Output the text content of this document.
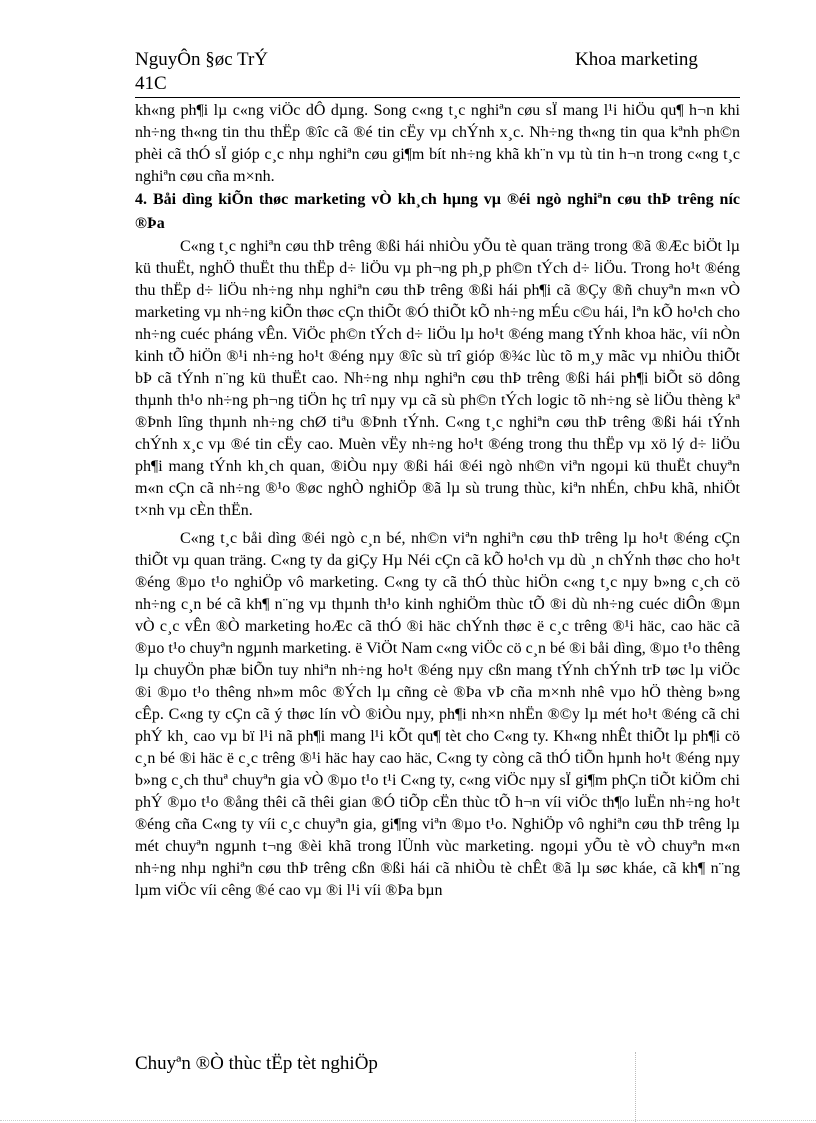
NguyÔn §øc TrÝ
41C
Khoa marketing

kh«ng ph¶i lµ c«ng viÖc dÔ dµng. Song c«ng t¸c nghiªn cøu sÏ mang l¹i hiÖu qu¶ h¬n khi nh÷ng th«ng tin thu thËp ®îc cã ®é tin cËy vµ chÝnh x¸c. Nh÷ng th«ng tin qua kªnh ph©n phèi cã thÓ sÏ gióp c¸c nhµ nghiªn cøu gi¶m bít nh÷ng khã kh¨n vµ tù tin h¬n trong c«ng t¸c nghiªn cøu cña m×nh.

4. Båi dìng kiÕn thøc marketing vÒ kh¸ch hµng vµ ®éi ngò nghiªn cøu thÞ trêng níc ®Þa

C«ng t¸c nghiªn cøu thÞ trêng ®ßi hái nhiÒu yÕu tè quan träng trong ®ã ®Æc biÖt lµ kü thuËt, nghÖ thuËt thu thËp d÷ liÖu vµ ph¬ng ph¸p ph©n tÝch d÷ liÖu. Trong ho¹t ®éng thu thËp d÷ liÖu nh÷ng nhµ nghiªn cøu thÞ trêng ®ßi hái ph¶i cã ®Çy ®ñ chuyªn m«n vÒ marketing vµ nh÷ng kiÕn thøc cÇn thiÕt ®Ó thiÕt kÕ nh÷ng mÉu c©u hái, lªn kÕ ho¹ch cho nh÷ng cuéc pháng vÊn. ViÖc ph©n tÝch d÷ liÖu lµ ho¹t ®éng mang tÝnh khoa häc, víi nÒn kinh tÕ hiÖn ®¹i nh÷ng ho¹t ®éng nµy ®îc sù trî gióp ®¾c lùc tõ m¸y mãc vµ nhiÒu thiÕt bÞ cã tÝnh n¨ng kü thuËt cao. Nh÷ng nhµ nghiªn cøu thÞ trêng ®ßi hái ph¶i biÕt sö dông thµnh th¹o nh÷ng ph¬ng tiÖn hç trî nµy vµ cã sù ph©n tÝch logic tõ nh÷ng sè liÖu thèng kª ®Þnh lîng thµnh nh÷ng chØ tiªu ®Þnh tÝnh. C«ng t¸c nghiªn cøu thÞ trêng ®ßi hái tÝnh chÝnh x¸c vµ ®é tin cËy cao. Muèn vËy nh÷ng ho¹t ®éng trong thu thËp vµ xö lý d÷ liÖu ph¶i mang tÝnh kh¸ch quan, ®iÒu nµy ®ßi hái ®éi ngò nh©n viªn ngoµi kü thuËt chuyªn m«n cÇn cã nh÷ng ®¹o ®øc nghÒ nghiÖp ®ã lµ sù trung thùc, kiªn nhÉn, chÞu khã, nhiÖt t×nh vµ cÈn thËn.

C«ng t¸c båi dìng ®éi ngò c¸n bé, nh©n viªn nghiªn cøu thÞ trêng lµ ho¹t ®éng cÇn thiÕt vµ quan träng. C«ng ty da giÇy Hµ Néi cÇn cã kÕ ho¹ch vµ dù ¸n chÝnh thøc cho ho¹t ®éng ®µo t¹o nghiÖp vô marketing. C«ng ty cã thÓ thùc hiÖn c«ng t¸c nµy b»ng c¸ch cö nh÷ng c¸n bé cã kh¶ n¨ng vµ thµnh th¹o kinh nghiÖm thùc tÕ ®i dù nh÷ng cuéc diÔn ®µn vÒ c¸c vÊn ®Ò marketing hoÆc cã thÓ ®i häc chÝnh thøc ë c¸c trêng ®¹i häc, cao häc cã ®µo t¹o chuyªn ngµnh marketing. ë ViÖt Nam c«ng viÖc cö c¸n bé ®i båi dìng, ®µo t¹o thêng lµ chuyÖn phæ biÕn tuy nhiªn nh÷ng ho¹t ®éng nµy cßn mang tÝnh chÝnh trÞ tøc lµ viÖc ®i ®µo t¹o thêng nh»m môc ®Ých lµ cñng cè ®Þa vÞ cña m×nh nhê vµo hÖ thèng b»ng cÊp. C«ng ty cÇn cã ý thøc lín vÒ ®iÒu nµy, ph¶i nh×n nhËn ®©y lµ mét ho¹t ®éng cã chi phÝ kh¸ cao vµ bï l¹i nã ph¶i mang l¹i kÕt qu¶ tèt cho C«ng ty. Kh«ng nhÊt thiÕt lµ ph¶i cö c¸n bé ®i häc ë c¸c trêng ®¹i häc hay cao häc, C«ng ty còng cã thÓ tiÕn hµnh ho¹t ®éng nµy b»ng c¸ch thuª chuyªn gia vÒ ®µo t¹o t¹i C«ng ty, c«ng viÖc nµy sÏ gi¶m phÇn tiÕt kiÖm chi phÝ ®µo t¹o ®ång thêi cã thêi gian ®Ó tiÕp cËn thùc tÕ h¬n víi viÖc th¶o luËn nh÷ng ho¹t ®éng cña C«ng ty víi c¸c chuyªn gia, gi¶ng viªn ®µo t¹o. NghiÖp vô nghiªn cøu thÞ trêng lµ mét chuyªn ngµnh t¬ng ®èi khã trong lÜnh vùc marketing. ngoµi yÕu tè vÒ chuyªn m«n nh÷ng nhµ nghiªn cøu thÞ trêng cßn ®ßi hái cã nhiÒu tè chÊt ®ã lµ søc kháe, cã kh¶ n¨ng lµm viÖc víi cêng ®é cao vµ ®i l¹i víi ®Þa bµn

Chuyªn ®Ò thùc tËp tèt nghiÖp
